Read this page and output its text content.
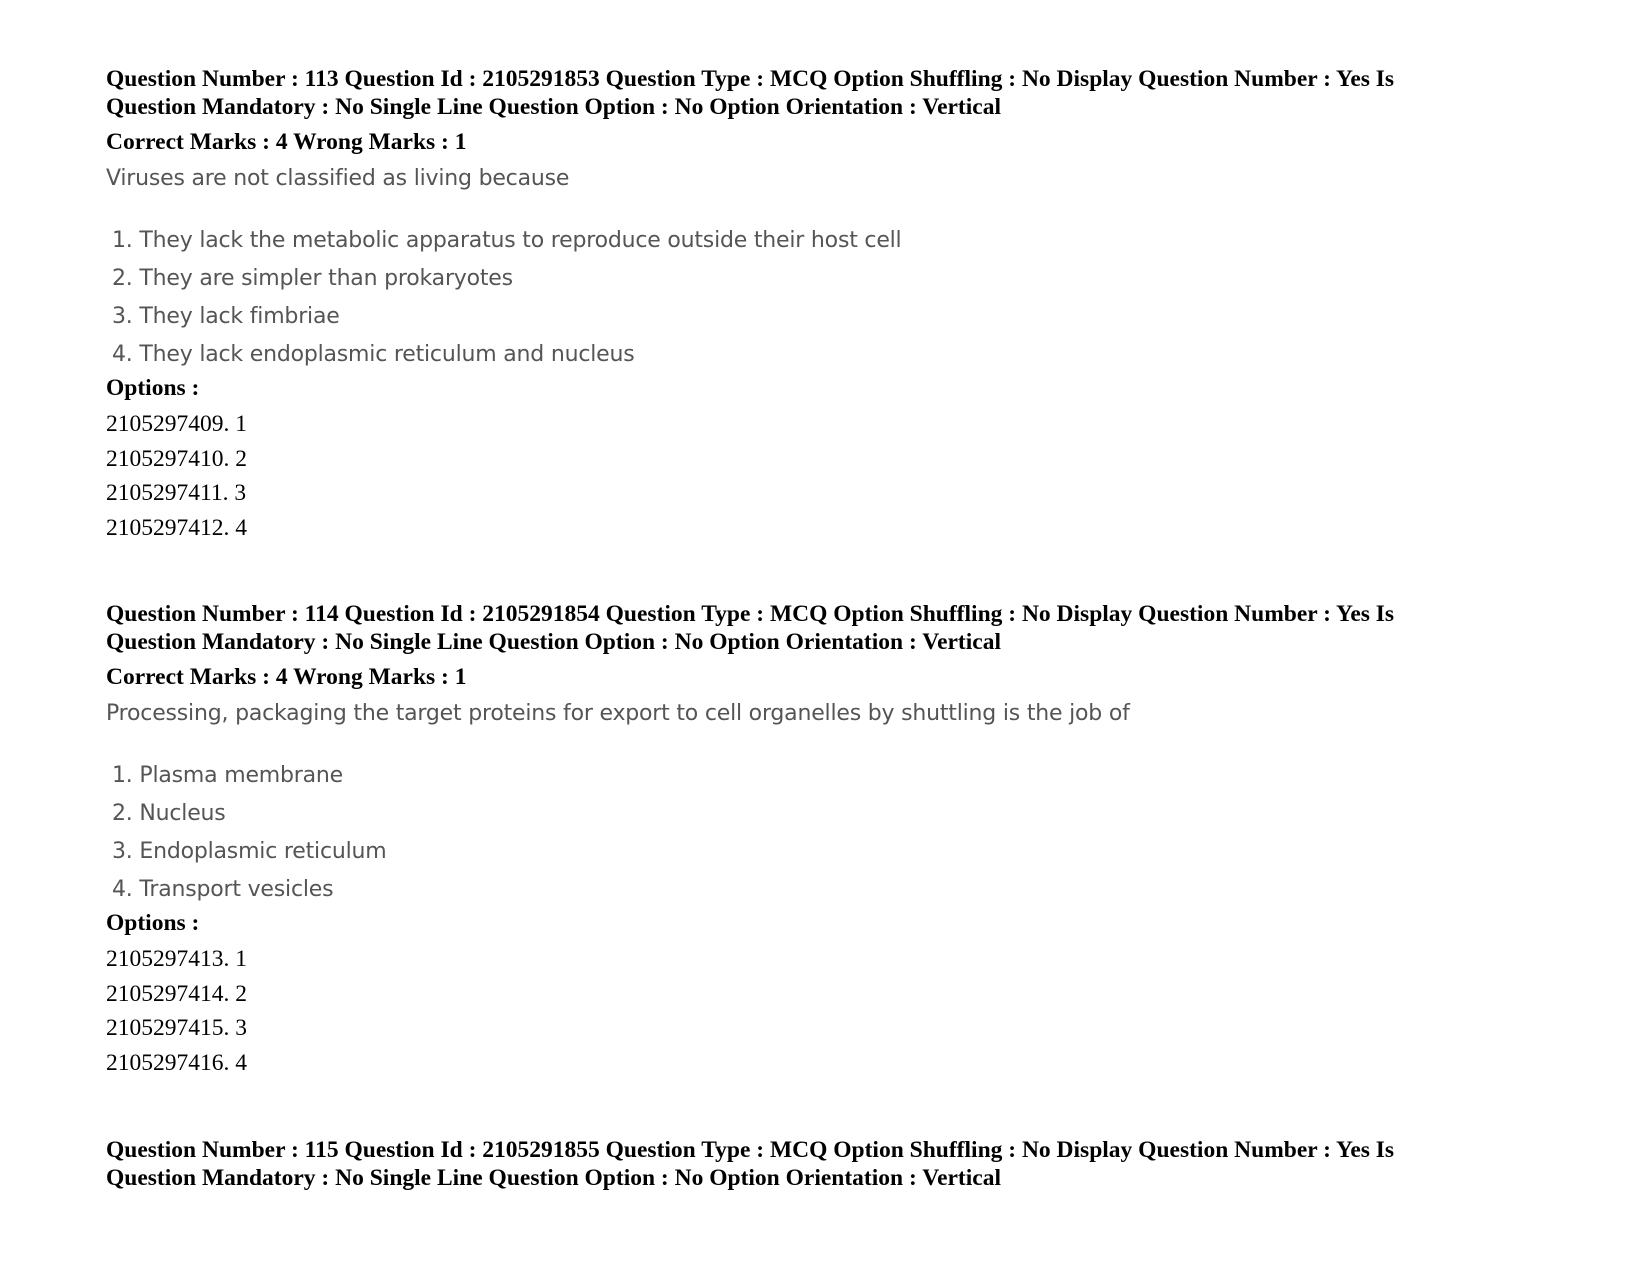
Question Number : 113 Question Id : 2105291853 Question Type : MCQ Option Shuffling : No Display Question Number : Yes Is
Question Mandatory : No Single Line Question Option : No Option Orientation : Vertical

Correct Marks : 4 Wrong Marks : 1
Viruses are not classified as living because
1. They lack the metabolic apparatus to reproduce outside their host cell
2. They are simpler than prokaryotes
3. They lack fimbriae
4. They lack endoplasmic reticulum and nucleus
Options :
2105297409. 1
2105297410. 2
2105297411. 3
2105297412. 4

Question Number : 114 Question Id : 2105291854 Question Type : MCQ Option Shuffling : No Display Question Number : Yes Is
Question Mandatory : No Single Line Question Option : No Option Orientation : Vertical

Correct Marks : 4 Wrong Marks : 1
Processing, packaging the target proteins for export to cell organelles by shuttling is the job of
1. Plasma membrane
2. Nucleus
3. Endoplasmic reticulum
4. Transport vesicles
Options :
2105297413. 1
2105297414. 2
2105297415. 3
2105297416. 4

Question Number : 115 Question Id : 2105291855 Question Type : MCQ Option Shuffling : No Display Question Number : Yes Is
Question Mandatory : No Single Line Question Option : No Option Orientation : Vertical
